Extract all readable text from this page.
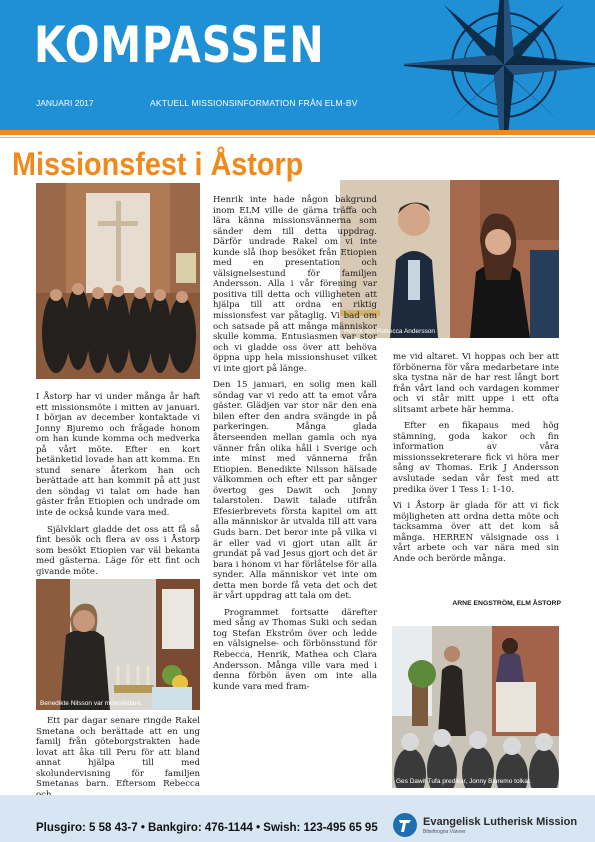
KOMPASSEN
JANUARI 2017	AKTUELL MISSIONSINFORMATION FRÅN ELM-BV
Missionsfest i Åstorp
Henrik och Rebecca Andersson
Benedikte Nilsson var mötesledare.
Ges Dawit Tufa predikar, Jonny Bjuremo tolkar.

I Åstorp har vi under många år haft ett missionsmöte i mitten av januari. I början av december kontaktade vi Jonny Bjuremo och frågade honom om han kunde komma och medverka på vårt möte. Efter en kort betänketid lovade han att komma. En stund senare återkom han och berättade att han kommit på att just den söndag vi talat om hade han gäster från Etiopien och undrade om inte de också kunde vara med.

Självklart gladde det oss att få så fint besök och flera av oss i Åstorp som besökt Etiopien var väl bekanta med gästerna. Läge för ett fint och givande möte.

Ett par dagar senare ringde Rakel Smetana och berättade att en ung familj från göteborgstrakten hade lovat att åka till Peru för att bland annat hjälpa till med skolundervisning för familjen Smetanas barn. Eftersom Rebecca

Henrik inte hade någon bakgrund inom ELM ville de gärna träffa och lära känna missionsvännerna som sänder dem till detta uppdrag. Därför undrade Rakel om vi inte kunde slå ihop besöket från Etiopien med en presentation och välsignelsestund för familjen Andersson. Alla i vår förening var positiva till detta och villigheten att hjälpa till att ordna en riktig missionsfest var påtaglig. Vi bad om och satsade på att många människor skulle komma. Entusiasmen var stor och vi gladde oss över att behöva öppna upp hela missionshuset vilket vi inte gjort på länge.

Den 15 januari, en solig men kall söndag var vi redo att ta emot våra gäster. Glädjen var stor när den ena bilen efter den andra svängde in på parkeringen. Många glada återseenden mellan gamla och nya vänner från olika håll i Sverige och inte minst med vännerna från Etiopien. Benedikte Nilsson hälsade välkommen och efter ett par sånger övertog ges Dawit och Jonny talarstolen. Dawit talade utifrån Efesierbrevets första kapitel om att alla människor är utvalda till att vara Guds barn. Det beror inte på vilka vi är eller vad vi gjort utan allt är grundat på vad Jesus gjort och det är bara i honom vi har förlåtelse för alla synder. Alla människor vet inte om detta men borde få veta det och det är vårt uppdrag att tala om det.

Programmet fortsatte därefter med sång av Thomas Suki och sedan tog Stefan Ekström över och ledde en välsignelse- och förbönsstund för Rebecca, Henrik, Mathea och Clara Andersson. Många ville vara med i denna förbön även om inte alla kunde vara med fram-

me vid altaret. Vi hoppas och ber att förbönerna för våra medarbetare inte ska tystna när de har rest långt bort från vårt land och vardagen kommer och vi står mitt uppe i ett ofta slitsamt arbete här hemma.

Efter en fikapaus med hög stämning, goda kakor och fin information av våra missionssekreterare fick vi höra mer sång av Thomas. Erik J Andersson avslutade sedan vår fest med att predika över 1 Tess 1: 1-10.

Vi i Åstorp är glada för att vi fick möjligheten att ordna detta möte och tacksamma över att det kom så många. HERREN välsignade oss i vårt arbete och var nära med sin Ande och berörde många.

ARNE ENGSTRÖM, ELM ÅSTORP
Plusgiro: 5 58 43-7 • Bankgiro: 476-1144 • Swish: 123-495 65 95	Evangelisk Lutherisk Mission
Bibeltrogna Vänner
